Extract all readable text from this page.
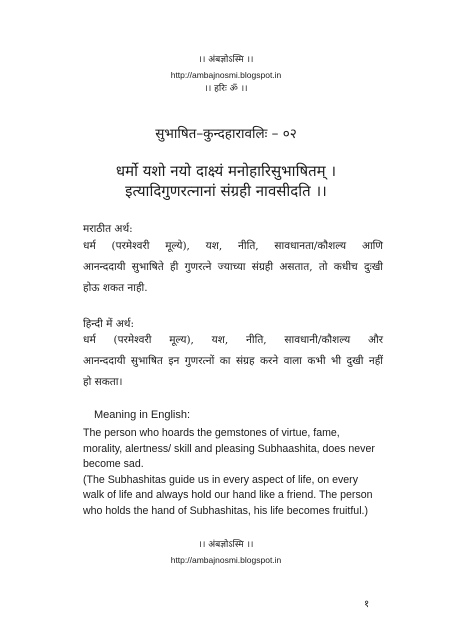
।। अंबज्ञोऽस्मि ।।
http://ambajnosmi.blogspot.in
।। हरिः ॐ ।।
सुभाषित–कुन्दहारावलिः – ०२
धर्मो यशो नयो दाक्ष्यं मनोहारिसुभाषितम् ।
इत्यादिगुणरत्नानां संग्रही नावसीदति ।।
मराठीत अर्थ:
धर्म (परमेश्वरी मूल्ये), यश, नीति, सावधानता/कौशल्य आणि
आनन्ददायी सुभाषिते ही गुणरत्ने ज्याच्या संग्रही असतात, तो कधीच दुःखी
होऊ शकत नाही.
हिन्दी में अर्थ:
धर्म (परमेश्वरी मूल्य), यश, नीति, सावधानी/कौशल्य और
आनन्ददायी सुभाषित इन गुणरत्नों का संग्रह करने वाला कभी भी दुखी नहीं
हो सकता।
Meaning in English:
The person who hoards the gemstones of virtue, fame,
morality, alertness/ skill and pleasing Subhaashita, does never
become sad.
(The Subhashitas guide us in every aspect of life, on every
walk of life and always hold our hand like a friend. The person
who holds the hand of Subhashitas, his life becomes fruitful.)
।। अंबज्ञोऽस्मि ।।
http://ambajnosmi.blogspot.in
१
